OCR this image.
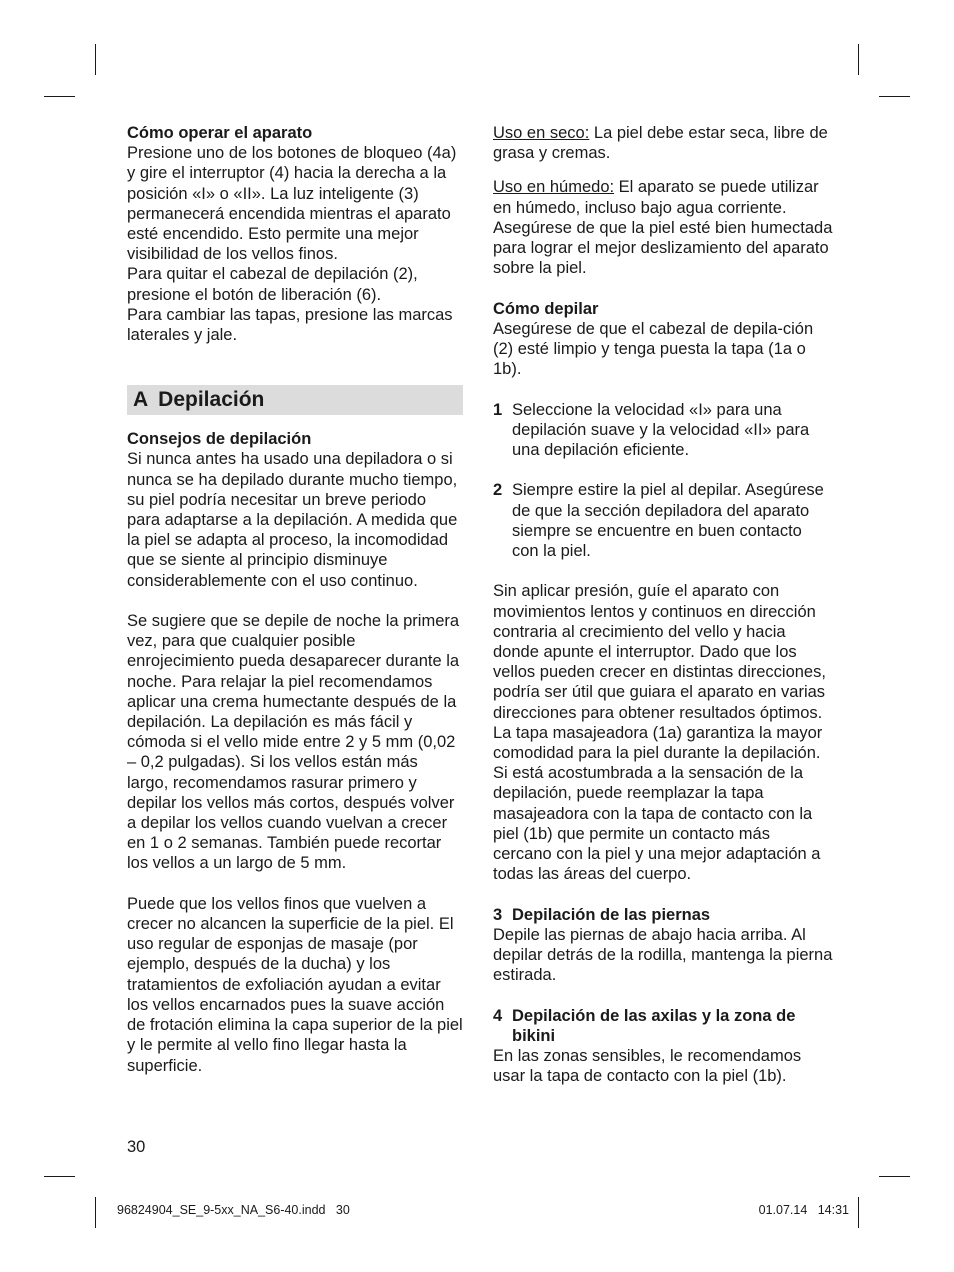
Cómo operar el aparato

Presione uno de los botones de bloqueo (4a) y gire el interruptor (4) hacia la derecha a la posición «I» o «II». La luz inteligente (3) permanecerá encendida mientras el aparato esté encendido. Esto permite una mejor visibilidad de los vellos finos.

Para quitar el cabezal de depilación (2), presione el botón de liberación (6).

Para cambiar las tapas, presione las marcas laterales y jale.

A Depilación

Consejos de depilación

Si nunca antes ha usado una depiladora o si nunca se ha depilado durante mucho tiempo, su piel podría necesitar un breve periodo para adaptarse a la depilación. A medida que la piel se adapta al proceso, la incomodidad que se siente al principio disminuye considerablemente con el uso continuo.

Se sugiere que se depile de noche la primera vez, para que cualquier posible enrojecimiento pueda desaparecer durante la noche. Para relajar la piel recomendamos aplicar una crema humectante después de la depilación. La depilación es más fácil y cómoda si el vello mide entre 2 y 5 mm (0,02 – 0,2 pulgadas). Si los vellos están más largo, recomendamos rasurar primero y depilar los vellos más cortos, después volver a depilar los vellos cuando vuelvan a crecer en 1 o 2 semanas. También puede recortar los vellos a un largo de 5 mm.

Puede que los vellos finos que vuelven a crecer no alcancen la superficie de la piel. El uso regular de esponjas de masaje (por ejemplo, después de la ducha) y los tratamientos de exfoliación ayudan a evitar los vellos encarnados pues la suave acción de frotación elimina la capa superior de la piel y le permite al vello fino llegar hasta la superficie.

Uso en seco: La piel debe estar seca, libre de grasa y cremas.

Uso en húmedo: El aparato se puede utilizar en húmedo, incluso bajo agua corriente. Asegúrese de que la piel esté bien humectada para lograr el mejor deslizamiento del aparato sobre la piel.

Cómo depilar

Asegúrese de que el cabezal de depila-ción (2) esté limpio y tenga puesta la tapa (1a o 1b).

1 Seleccione la velocidad «I» para una depilación suave y la velocidad «II» para una depilación eficiente.
2 Siempre estire la piel al depilar. Asegúrese de que la sección depiladora del aparato siempre se encuentre en buen contacto con la piel.

Sin aplicar presión, guíe el aparato con movimientos lentos y continuos en dirección contraria al crecimiento del vello y hacia donde apunte el interruptor. Dado que los vellos pueden crecer en distintas direcciones, podría ser útil que guiara el aparato en varias direcciones para obtener resultados óptimos. La tapa masajeadora (1a) garantiza la mayor comodidad para la piel durante la depilación. Si está acostumbrada a la sensación de la depilación, puede reemplazar la tapa masajeadora con la tapa de contacto con la piel (1b) que permite un contacto más cercano con la piel y una mejor adaptación a todas las áreas del cuerpo.

3 Depilación de las piernas

Depile las piernas de abajo hacia arriba. Al depilar detrás de la rodilla, mantenga la pierna estirada.

4 Depilación de las axilas y la zona de bikini

En las zonas sensibles, le recomendamos usar la tapa de contacto con la piel (1b).

30
96824904_SE_9-5xx_NA_S6-40.indd   30	01.07.14   14:31
